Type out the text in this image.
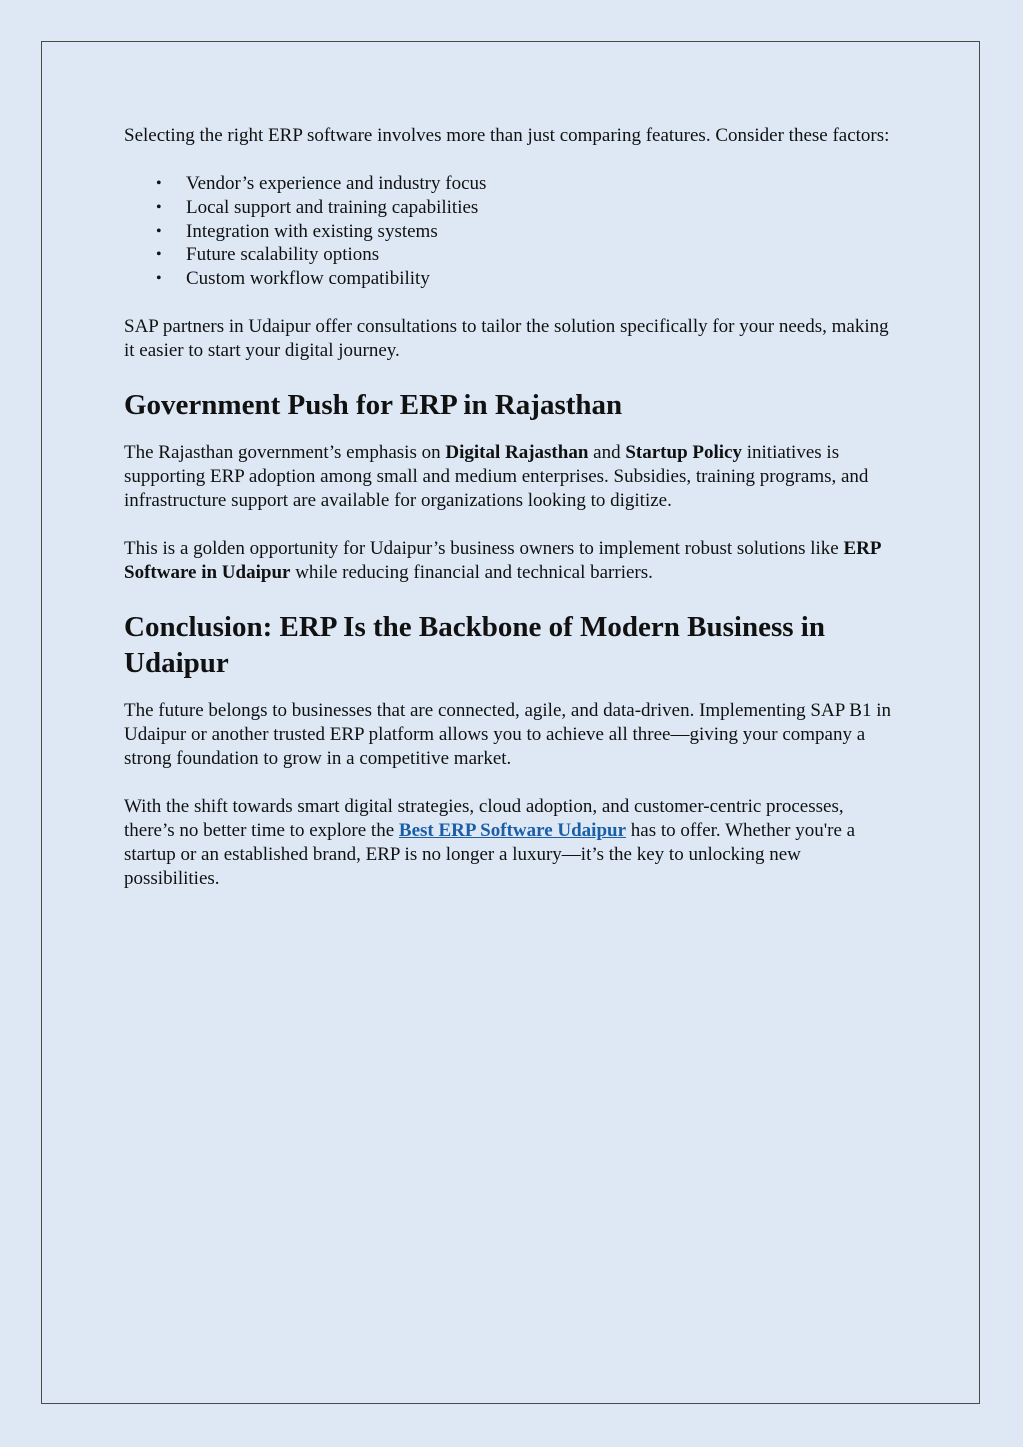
Selecting the right ERP software involves more than just comparing features. Consider these factors:

• Vendor’s experience and industry focus
• Local support and training capabilities
• Integration with existing systems
• Future scalability options
• Custom workflow compatibility

SAP partners in Udaipur offer consultations to tailor the solution specifically for your needs, making it easier to start your digital journey.

Government Push for ERP in Rajasthan

The Rajasthan government’s emphasis on Digital Rajasthan and Startup Policy initiatives is supporting ERP adoption among small and medium enterprises. Subsidies, training programs, and infrastructure support are available for organizations looking to digitize.

This is a golden opportunity for Udaipur’s business owners to implement robust solutions like ERP Software in Udaipur while reducing financial and technical barriers.

Conclusion: ERP Is the Backbone of Modern Business in Udaipur

The future belongs to businesses that are connected, agile, and data-driven. Implementing SAP B1 in Udaipur or another trusted ERP platform allows you to achieve all three—giving your company a strong foundation to grow in a competitive market.

With the shift towards smart digital strategies, cloud adoption, and customer-centric processes, there’s no better time to explore the Best ERP Software Udaipur has to offer. Whether you're a startup or an established brand, ERP is no longer a luxury—it’s the key to unlocking new possibilities.
